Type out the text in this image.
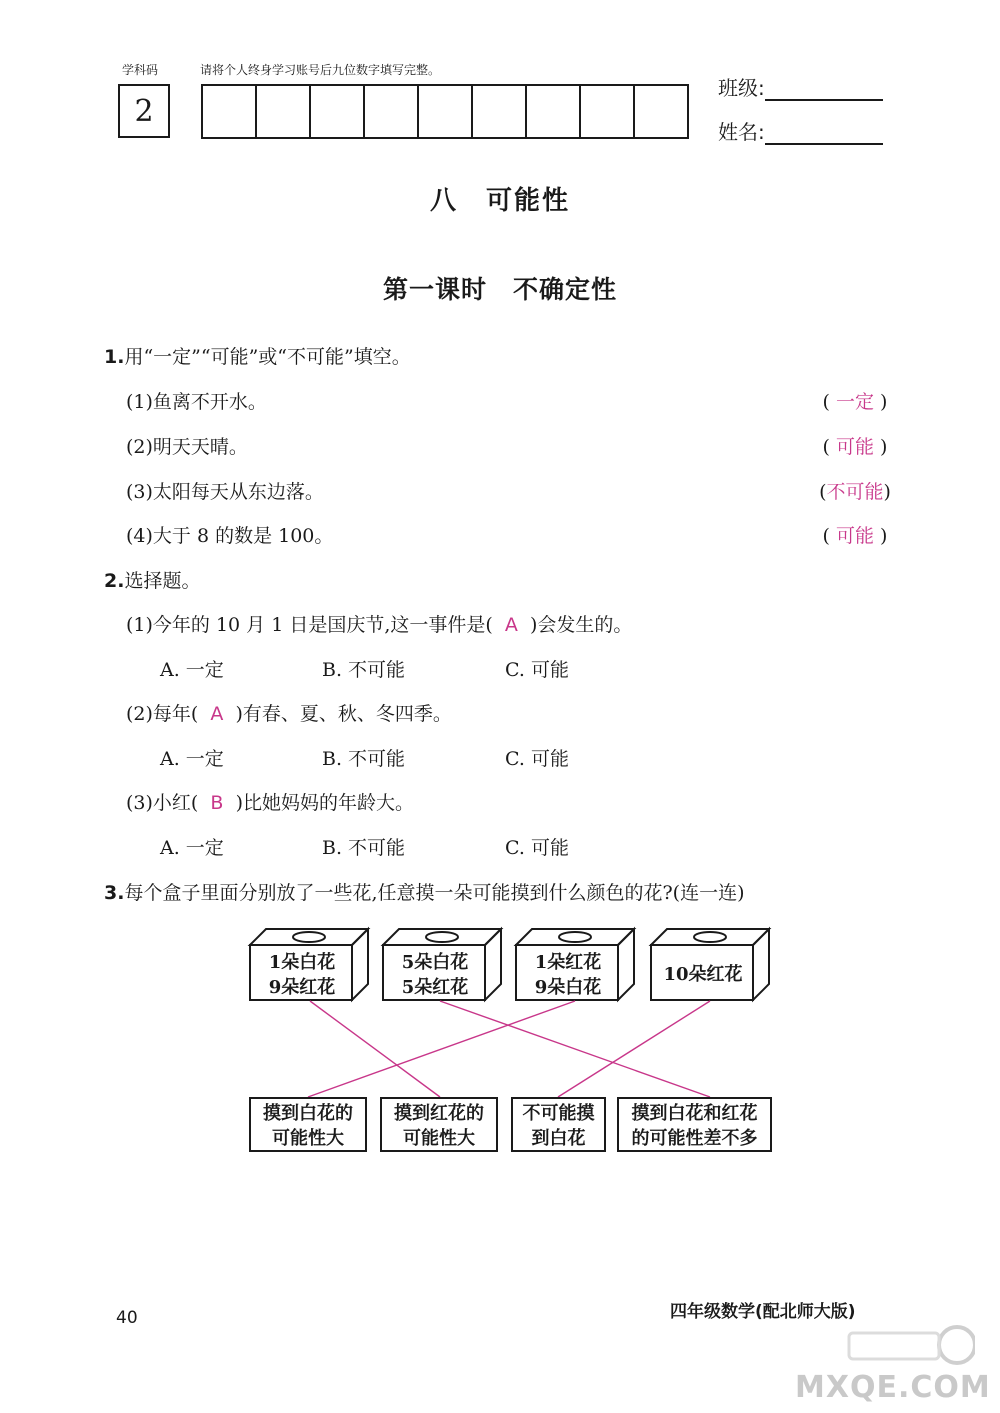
学科码	请将个人终身学习账号后九位数字填写完整。
2
班级:
姓名:
八　可能性
第一课时　不确定性
1.用“一定”“可能”或“不可能”填空。
(1)鱼离不开水。	( 一定 )
(2)明天天晴。	( 可能 )
(3)太阳每天从东边落。	(不可能)
(4)大于 8 的数是 100。	( 可能 )
2.选择题。
(1)今年的 10 月 1 日是国庆节,这一事件是( A )会发生的。
A. 一定	B. 不可能	C. 可能
(2)每年( A )有春、夏、秋、冬四季。
A. 一定	B. 不可能	C. 可能
(3)小红( B )比她妈妈的年龄大。
A. 一定	B. 不可能	C. 可能
3.每个盒子里面分别放了一些花,任意摸一朵可能摸到什么颜色的花?(连一连)
1朵白花
9朵红花
5朵白花
5朵红花
1朵红花
9朵白花
10朵红花
摸到白花的
可能性大
摸到红花的
可能性大
不可能摸
到白花
摸到白花和红花
的可能性差不多
40	四年级数学(配北师大版)
MXQE.COM
